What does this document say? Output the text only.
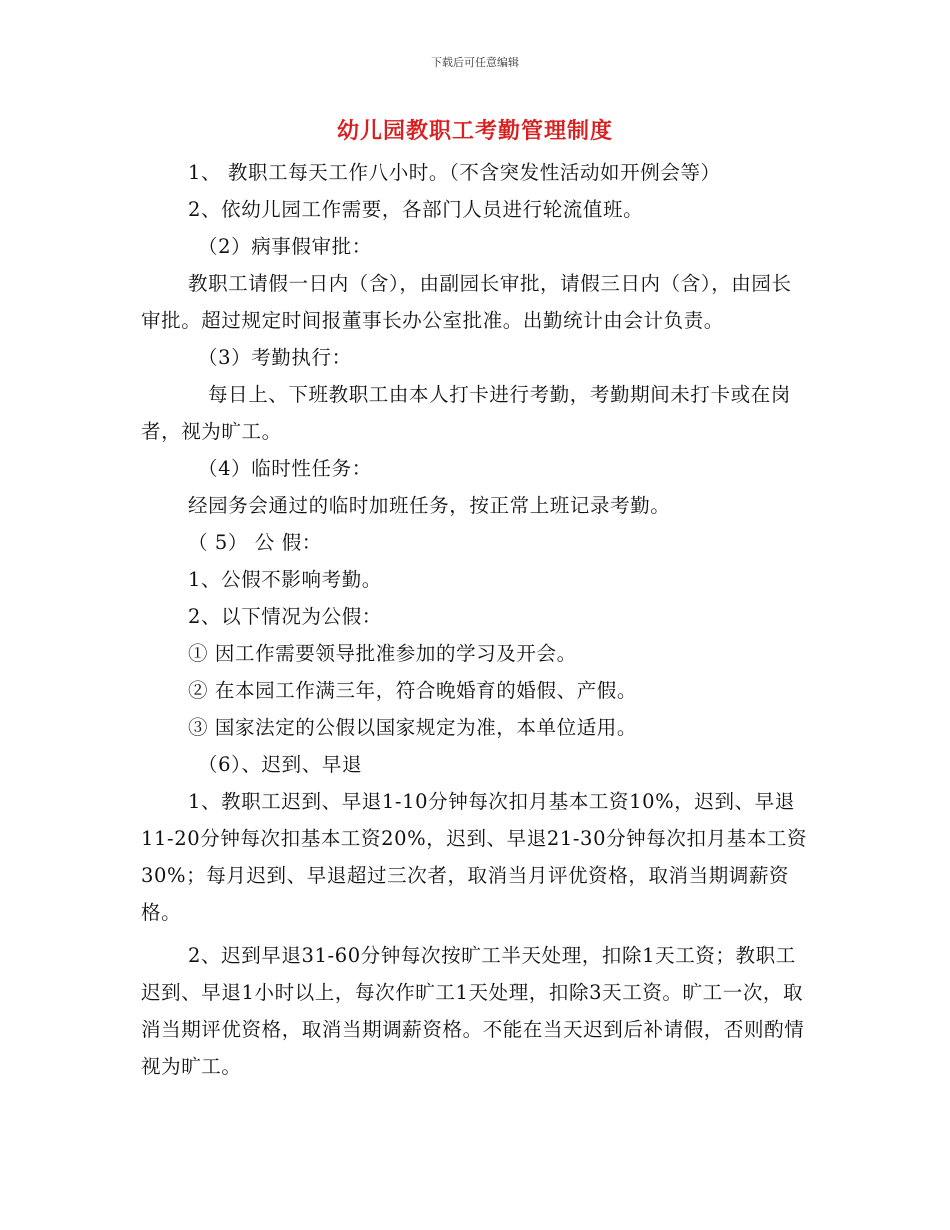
下载后可任意编辑
幼儿园教职工考勤管理制度

1、 教职工每天工作八小时。（不含突发性活动如开例会等）

2、依幼儿园工作需要，各部门人员进行轮流值班。

（2）病事假审批：

教职工请假一日内（含），由副园长审批，请假三日内（含），由园长审批。超过规定时间报董事长办公室批准。出勤统计由会计负责。

（3）考勤执行：

每日上、下班教职工由本人打卡进行考勤，考勤期间未打卡或在岗者，视为旷工。

（4）临时性任务：

经园务会通过的临时加班任务，按正常上班记录考勤。

（ 5） 公 假：

1、公假不影响考勤。

2、以下情况为公假：

① 因工作需要领导批准参加的学习及开会。

② 在本园工作满三年，符合晚婚育的婚假、产假。

③ 国家法定的公假以国家规定为准，本单位适用。

（6）、迟到、早退

1、教职工迟到、早退1-10分钟每次扣月基本工资10%，迟到、早退11-20分钟每次扣基本工资20%，迟到、早退21-30分钟每次扣月基本工资30%；每月迟到、早退超过三次者，取消当月评优资格，取消当期调薪资格。

2、迟到早退31-60分钟每次按旷工半天处理，扣除1天工资；教职工迟到、早退1小时以上，每次作旷工1天处理，扣除3天工资。旷工一次，取消当期评优资格，取消当期调薪资格。不能在当天迟到后补请假，否则酌情视为旷工。
